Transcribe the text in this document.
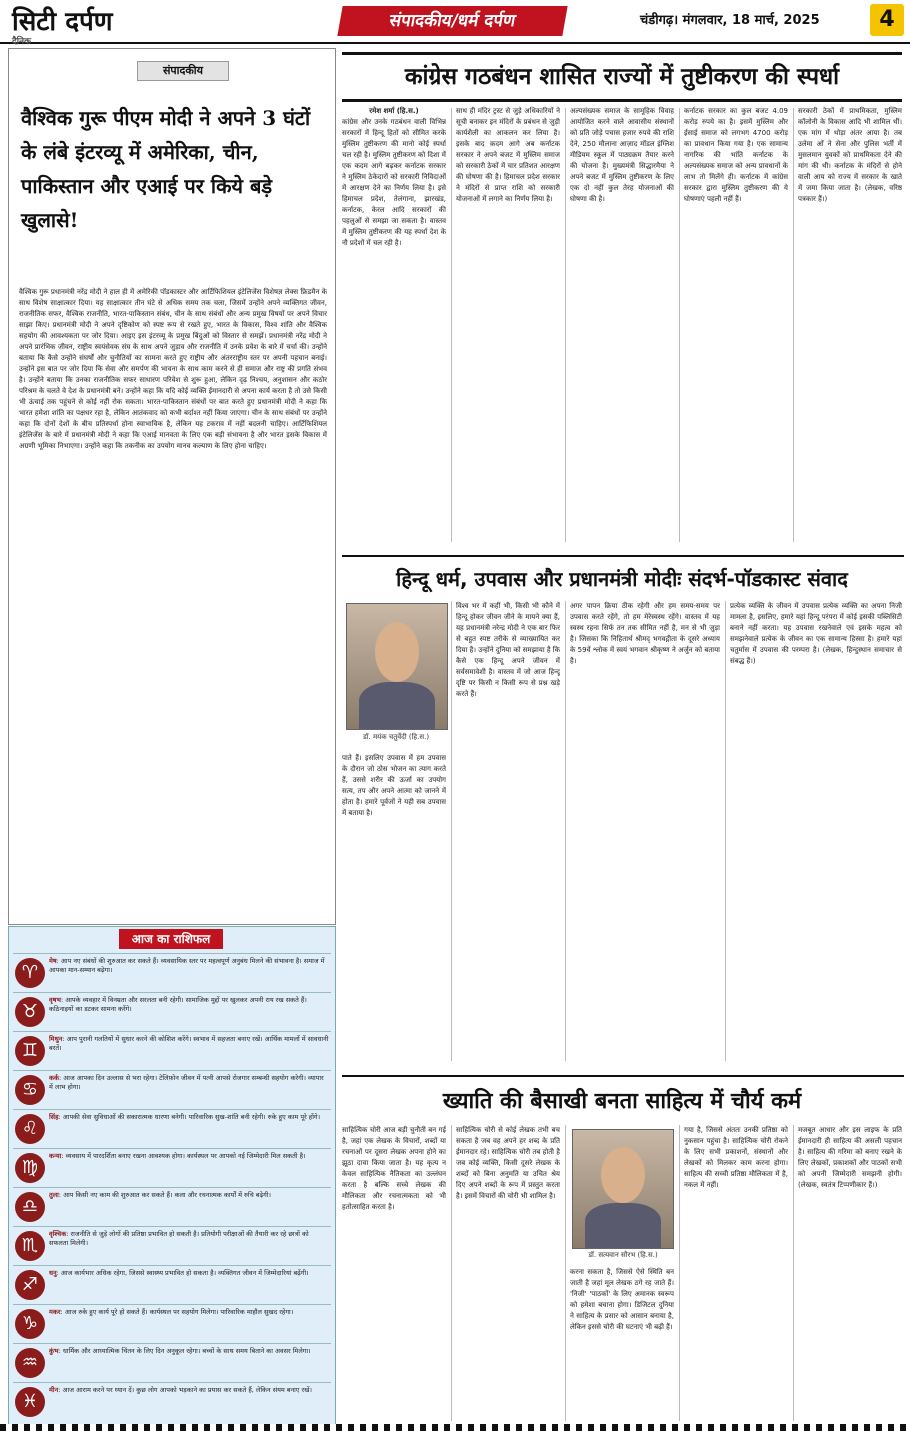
सिटी दर्पण
दैनिक
संपादकीय/धर्म दर्पण	चंडीगढ़। मंगलवार, 18 मार्च, 2025	4
संपादकीय
वैश्विक गुरू पीएम मोदी ने अपने 3 घंटों के लंबे इंटरव्यू में अमेरिका, चीन, पाकिस्तान और एआई पर किये बड़े खुलासे!
वैश्विक गुरू प्रधानमंत्री नरेंद्र मोदी ने हाल ही में अमेरिकी पॉडकास्टर और आर्टिफिशियल इंटेलिजेंस विशेषज्ञ लेक्स फ्रिडमैन के साथ विशेष साक्षात्कार दिया। यह साक्षात्कार तीन घंटे से अधिक समय तक चला, जिसमें उन्होंने अपने व्यक्तिगत जीवन, राजनीतिक सफर, वैश्विक राजनीति, भारत-पाकिस्तान संबंध, चीन के साथ संबंधों और अन्य प्रमुख विषयों पर अपने विचार साझा किए। प्रधानमंत्री मोदी ने अपने दृष्टिकोण को स्पष्ट रूप से रखते हुए, भारत के विकास, विश्व शांति और वैश्विक सहयोग की आवश्यकता पर जोर दिया। आइए इस इंटरव्यू के प्रमुख बिंदुओं को विस्तार से समझें। प्रधानमंत्री नरेंद्र मोदी ने अपने प्रारंभिक जीवन, राष्ट्रीय स्वयंसेवक संघ के साथ अपने जुड़ाव और राजनीति में उनके प्रवेश के बारे में चर्चा की। उन्होंने बताया कि कैसे उन्होंने संघर्षों और चुनौतियों का सामना करते हुए राष्ट्रीय और अंतरराष्ट्रीय स्तर पर अपनी पहचान बनाई। उन्होंने इस बात पर जोर दिया कि सेवा और समर्पण की भावना के साथ काम करने से ही समाज और राष्ट्र की प्रगति संभव है। उन्होंने बताया कि उनका राजनीतिक सफर साधारण परिवेश से शुरू हुआ, लेकिन दृढ़ निश्चय, अनुशासन और कठोर परिश्रम के चलते वे देश के प्रधानमंत्री बने। उन्होंने कहा कि यदि कोई व्यक्ति ईमानदारी से अपना कार्य करता है तो उसे किसी भी ऊंचाई तक पहुंचने से कोई नहीं रोक सकता। भारत-पाकिस्तान संबंधों पर बात करते हुए प्रधानमंत्री मोदी ने कहा कि भारत हमेशा शांति का पक्षधर रहा है, लेकिन आतंकवाद को कभी बर्दाश्त नहीं किया जाएगा। चीन के साथ संबंधों पर उन्होंने कहा कि दोनों देशों के बीच प्रतिस्पर्धा होना स्वाभाविक है, लेकिन यह टकराव में नहीं बदलनी चाहिए। आर्टिफिशियल इंटेलिजेंस के बारे में प्रधानमंत्री मोदी ने कहा कि एआई मानवता के लिए एक बड़ी संभावना है और भारत इसके विकास में अग्रणी भूमिका निभाएगा। उन्होंने कहा कि तकनीक का उपयोग मानव कल्याण के लिए होना चाहिए।
आज का राशिफल
♈
मेष: आप नए संबंधों की शुरुआत कर सकते हैं। व्यवसायिक स्तर पर महत्वपूर्ण अनुबंध मिलने की संभावना है। समाज में आपका मान-सम्मान बढ़ेगा।
♉
वृषभ: आपके व्यवहार में विनम्रता और सरलता बनी रहेगी। सामाजिक मुद्दों पर खुलकर अपनी राय रख सकते हैं। कठिनाइयों का डटकर सामना करेंगे।
♊
मिथुन: आप पुरानी गलतियों में सुधार करने की कोशिश करेंगे। स्वभाव में सहजता बनाए रखें। आर्थिक मामलों में सावधानी बरतें।
♋
कर्क: आज आपका दिन उल्लास से भरा रहेगा। टेलिफ़ोन जीवन में पत्नी आपसे रोजगार सम्बन्धी सहयोग करेगी। व्यापार में लाभ होगा।
♌
सिंह: आपकी सेवा सुविधाओं की सकारात्मक धारणा बनेगी। पारिवारिक सुख-शांति बनी रहेगी। रुके हुए काम पूरे होंगे।
♍
कन्या: व्यवसाय में पारदर्शिता बनाए रखना आवश्यक होगा। कार्यस्थल पर आपको नई जिम्मेदारी मिल सकती है।
♎
तुला: आप किसी नए काम की शुरुआत कर सकते हैं। कला और रचनात्मक कार्यों में रुचि बढ़ेगी।
♏
वृश्चिक: राजनीति से जुड़े लोगों की प्रतिष्ठा प्रभावित हो सकती है। प्रतियोगी परीक्षाओं की तैयारी कर रहे छात्रों को सफलता मिलेगी।
♐
धनु: आज कार्यभार अधिक रहेगा, जिससे स्वास्थ्य प्रभावित हो सकता है। व्यक्तिगत जीवन में जिम्मेदारियां बढ़ेंगी।
♑
मकर: आज रुके हुए कार्य पूरे हो सकते हैं। कार्यस्थल पर सहयोग मिलेगा। पारिवारिक माहौल सुखद रहेगा।
♒
कुंभ: धार्मिक और आध्यात्मिक चिंतन के लिए दिन अनुकूल रहेगा। बच्चों के साथ समय बिताने का अवसर मिलेगा।
♓
मीन: आज आराम करने पर ध्यान दें। कुछ लोग आपको भड़काने का प्रयास कर सकते हैं, लेकिन संयम बनाए रखें।
कांग्रेस गठबंधन शासित राज्यों में तुष्टीकरण की स्पर्धा
रमेश शर्मा (हि.स.)
कांग्रेस और उनके गठबंधन वाली विभिन्न सरकारों में हिन्दू हितों को सीमित करके मुस्लिम तुष्टीकरण की मानो कोई स्पर्धा चल रही है। मुस्लिम तुष्टीकरण को दिशा में एक कदम आगे बढ़कर कर्नाटक सरकार ने मुस्लिम ठेकेदारों को सरकारी निविदाओं में आरक्षण देने का निर्णय लिया है। इसे हिमाचल प्रदेश, तेलंगाना, झारखंड, कर्नाटक, केरल आदि सरकारों की पहलुओं से समझा जा सकता है। वास्तव में मुस्लिम तुष्टीकरण की यह स्पर्धा देश के नौ प्रदेशों में चल रही है।
साथ ही मंदिर ट्रस्ट से जुड़े अधिकारियों ने सूची बनाकर इन मंदिरों के प्रबंधन से जुड़ी कार्यशैली का आकलन कर लिया है। इसके बाद क़दम आगे अब कर्नाटक सरकार ने अपने बजट में मुस्लिम समाज को सरकारी ठेकों में चार प्रतिशत आरक्षण की घोषणा की है। हिमाचल प्रदेश सरकार ने मंदिरों से प्राप्त राशि को सरकारी योजनाओं में लगाने का निर्णय लिया है।
अल्पसंख्यक समाज के सामूहिक विवाह आयोजित करने वाले आवासीय संस्थानों को प्रति जोड़े पचास हजार रुपये की राशि देने, 250 मौलाना आज़ाद मॉडल इंग्लिश मीडियम स्कूल में पाठ्यक्रम तैयार करने की योजना है। मुख्यमंत्री सिद्धारमैया ने अपने बजट में मुस्लिम तुष्टीकरण के लिए एक दो नहीं कुल तेरह योजनाओं की घोषणा की है।
कर्नाटक सरकार का कुल बजट 4.09 करोड़ रुपये का है। इसमें मुस्लिम और ईसाई समाज को लगभग 4700 करोड़ का प्रावधान किया गया है। एक सामान्य नागरिक की भांति कर्नाटक के अल्पसंख्यक समाज को अन्य प्रावधानों के लाभ तो मिलेंगे ही। कर्नाटक में कांग्रेस सरकार द्वारा मुस्लिम तुष्टीकरण की ये घोषणाएं पहली नहीं हैं।
सरकारी ठेकों में प्राथमिकता, मुस्लिम कॉलोनी के विकास आदि भी शामिल थीं। एक मांग में थोड़ा अंतर आया है। तब उलेमा ओं ने सेना और पुलिस भर्ती में मुसलमान युवकों को प्राथमिकता देने की मांग की थी। कर्नाटक के मंदिरों से होने वाली आय को राज्य में सरकार के खाते में जमा किया जाता है। (लेखक, वरिष्ठ पत्रकार हैं।)
हिन्दू धर्म, उपवास और प्रधानमंत्री मोदीः संदर्भ-पॉडकास्ट संवाद
डॉ. मयंक चतुर्वेदी (हि.स.)
विश्व भर में कहीं भी, किसी भी कौने में हिन्दू होकर जीवन जीने के मायने क्या हैं, यह प्रधानमंत्री नरेन्द्र मोदी ने एक बार फिर से बहुत स्पष्ट तरीके से व्याख्यायित कर दिया है। उन्होंने दुनिया को समझाया है कि कैसे एक हिन्दू अपने जीवन में सर्वसमावेशी है। वास्तव में जो आज हिन्दू दृष्टि पर किसी न किसी रूप से प्रश्न खड़े करते हैं।
पाते हैं। इसलिए उपवास में हम उपवास के दौरान जो ठोस भोजन का त्याग करते हैं, उससे शरीर की ऊर्जा का उपयोग सत्य, तप और अपने आत्मा को जानने में होता है। हमारे पूर्वजों ने यही सब उपवास में बताया है।
अगर पापन क्रिया ठीक रहेगी और हम समय-समय पर उपवास करते रहेंगे, तो हम मेरेस्वस्थ रहेंगे। वास्तव में यह स्वस्थ रहना सिर्फ तन तक सीमित नहीं है, मन से भी जुड़ा है। जिसका कि निहितार्थ श्रीमद् भगवद्गीता के दूसरे अध्याय के 59वें श्लोक में स्वयं भगवान श्रीकृष्ण ने अर्जुन को बताया है।
प्रत्येक व्यक्ति के जीवन में उपवास प्रत्येक व्यक्ति का अपना निजी मामला है, इसलिए, हमारे यहां हिन्दू परंपरा में कोई इसकी पब्लिसिटी बनाने नहीं करता। यह उपवास रखनेवाले एवं इसके महत्व को समझनेवाले प्रत्येक के जीवन का एक सामान्य हिस्सा है। हमारे यहां चतुर्मास में उपवास की परम्परा है। (लेखक, हिन्दुस्थान समाचार से संबद्ध हैं।)
ख्याति की बैसाखी बनता साहित्य में चौर्य कर्म
साहित्यिक चोरी आज बड़ी चुनौती बन गई है, जहां एक लेखक के विचारों, शब्दों या रचनाओं पर दूसरा लेखक अपना होने का झूठा दावा किया जाता है। यह कृत्य न केवल साहित्यिक नैतिकता का उल्लंघन करता है बल्कि सच्चे लेखक की मौलिकता और रचनात्मकता को भी हतोत्साहित करता है।
साहित्यिक चोरी से कोई लेखक तभी बच सकता है जब वह अपने हर शब्द के प्रति ईमानदार रहे। साहित्यिक चोरी तब होती है जब कोई व्यक्ति, किसी दूसरे लेखक के शब्दों को बिना अनुमति या उचित श्रेय दिए अपने शब्दों के रूप में प्रस्तुत करता है। इसमें विचारों की चोरी भी शामिल है।
डॉ. सत्यवान सौरभ (हि.स.)
करना सकता है, जिससे ऐसे स्थिति बन जाती है जहां मूल लेखक ठगे रह जाते हैं। 'निजी' 'पाठकों' के लिए अमानक स्वरूप को हमेशा बचाना होगा। डिजिटल दुनिया ने साहित्य के प्रसार को आसान बनाया है, लेकिन इससे चोरी की घटनाएं भी बढ़ी हैं।
गया है, जिससे अंततः उनकी प्रतिष्ठा को नुकसान पहुंचा है। साहित्यिक चोरी रोकने के लिए सभी प्रकाशनों, संस्थानों और लेखकों को मिलकर काम करना होगा। साहित्य की सच्ची प्रतिष्ठा मौलिकता में है, नकल में नहीं।
मजबूत आधार और इस लाइफ के प्रति ईमानदारी ही साहित्य की असली पहचान है। साहित्य की गरिमा को बनाए रखने के लिए लेखकों, प्रकाशकों और पाठकों सभी को अपनी जिम्मेदारी समझनी होगी। (लेखक, स्वतंत्र टिप्पणीकार हैं।)
